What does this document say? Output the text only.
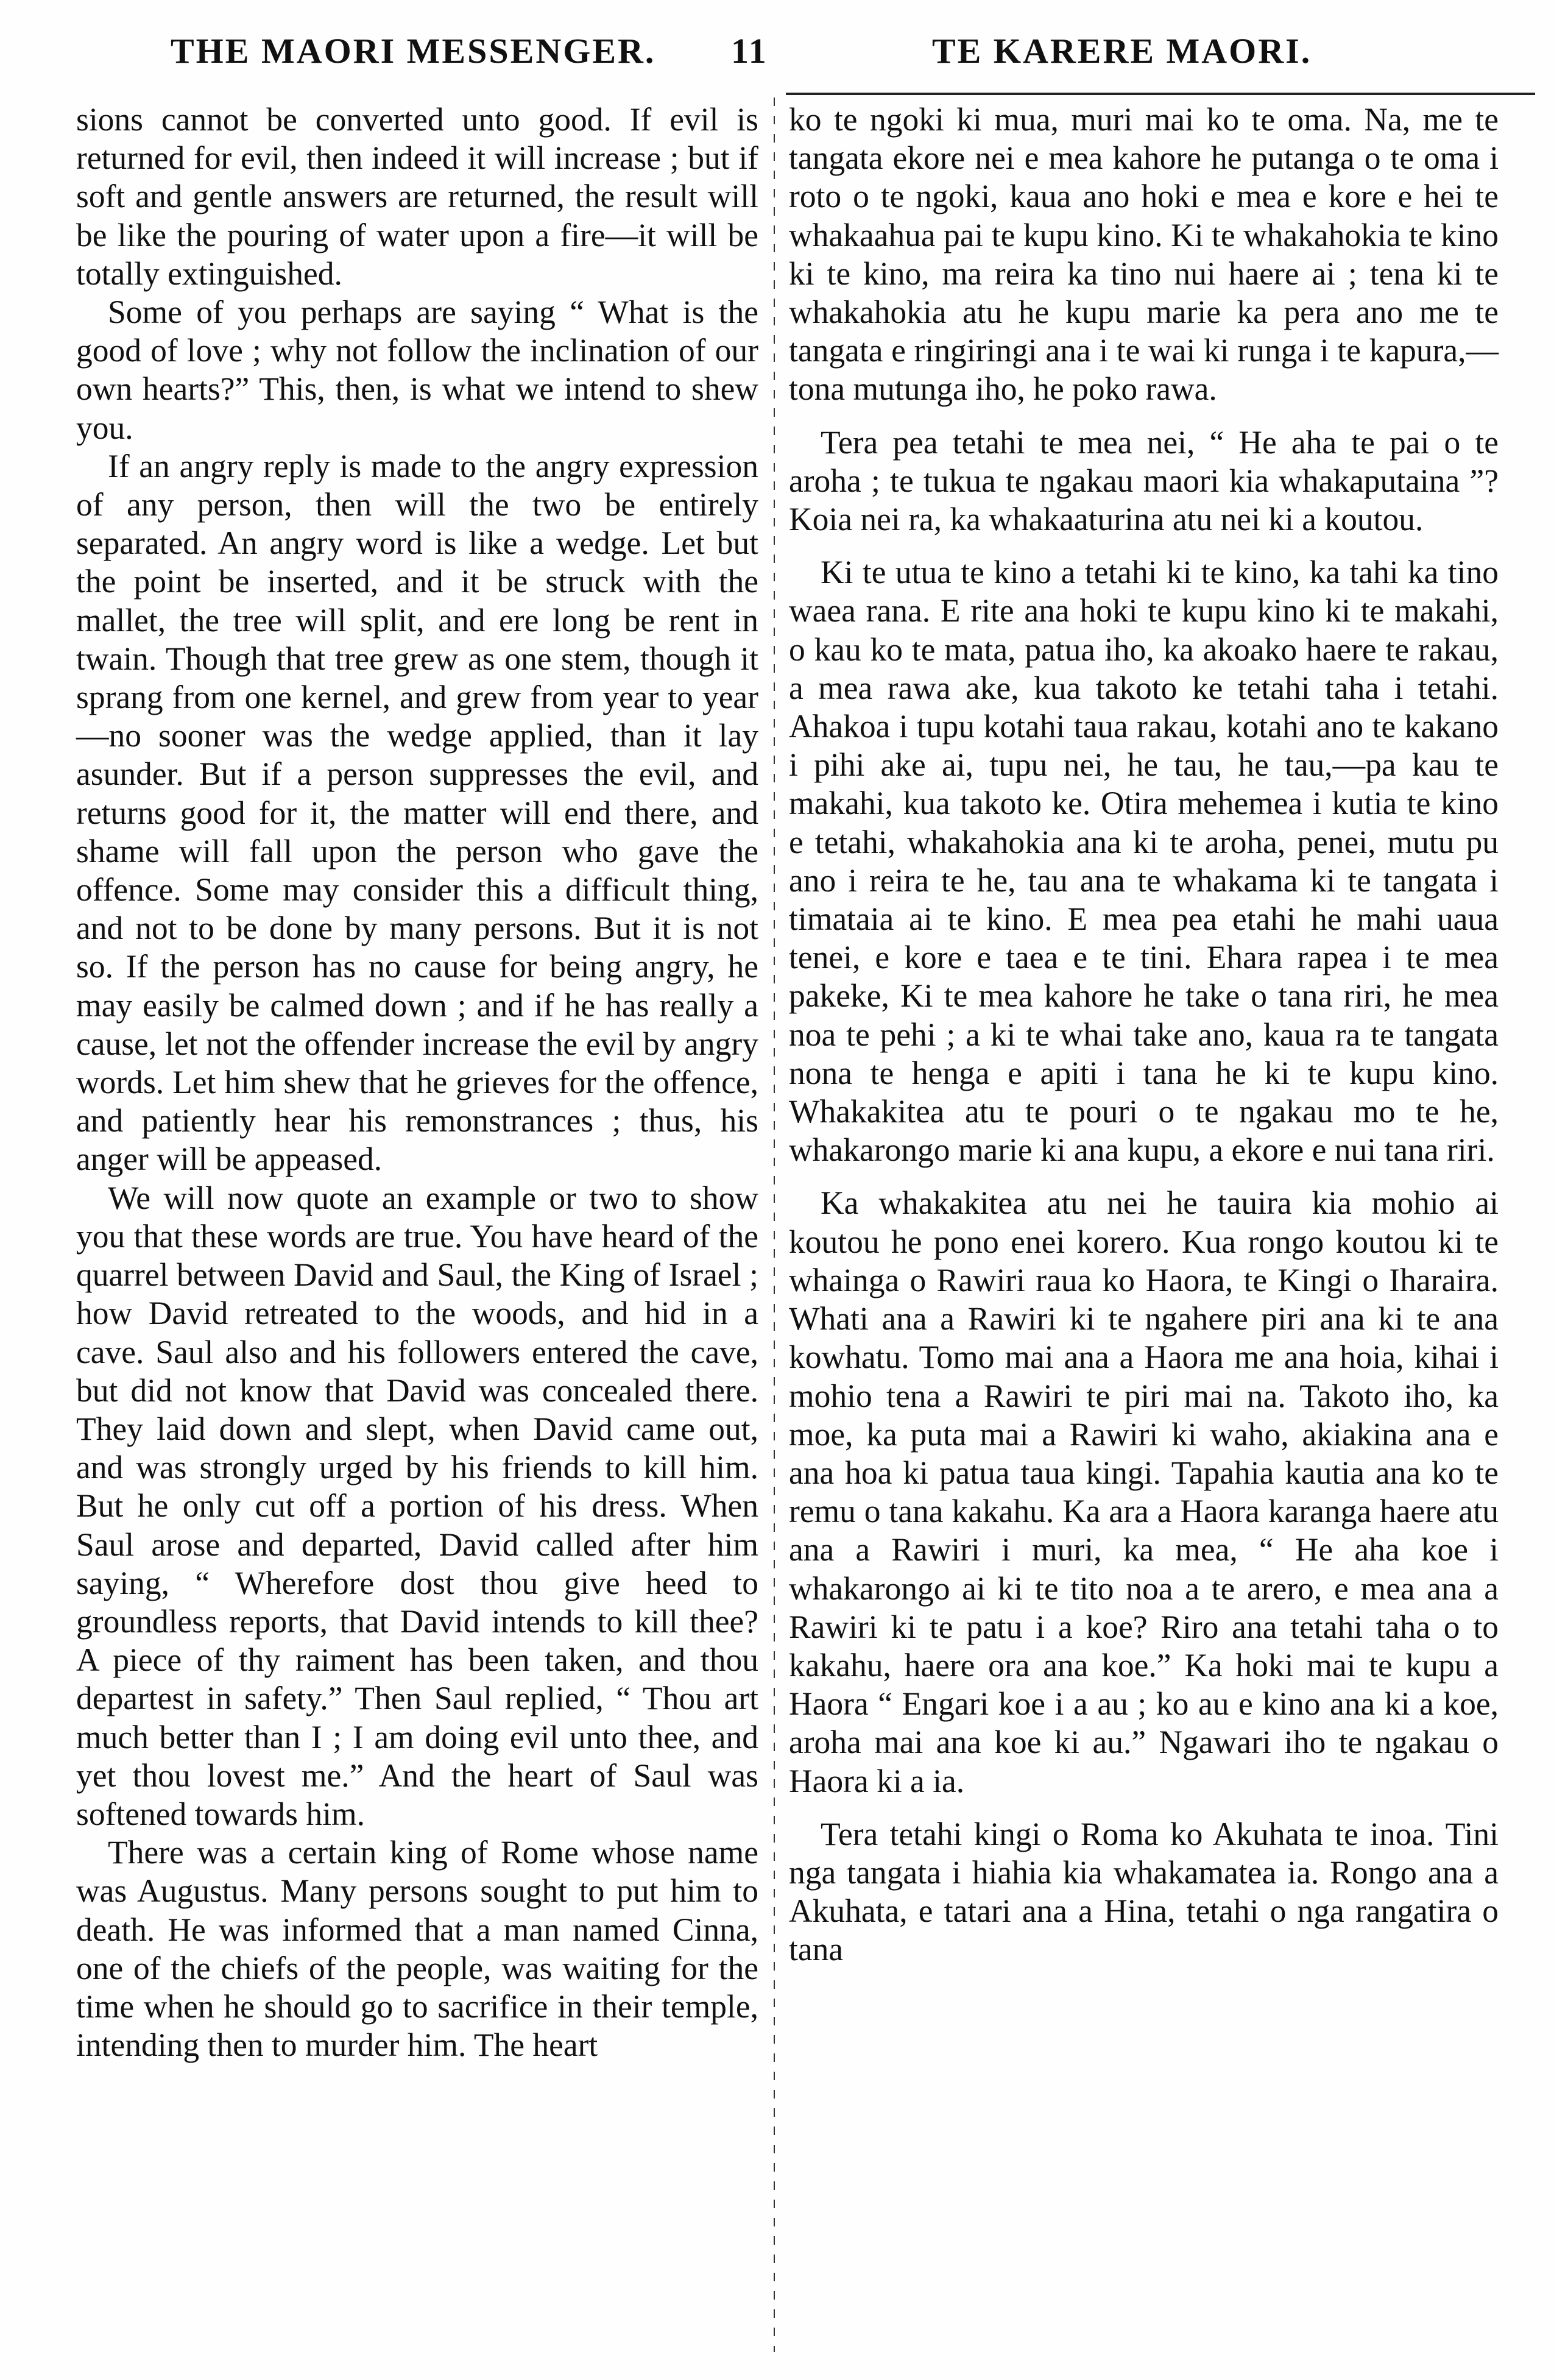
THE MAORI MESSENGER. 11	TE KARERE MAORI.

sions cannot be converted unto good. If evil is returned for evil, then indeed it will increase ; but if soft and gentle answers are returned, the result will be like the pouring of water upon a fire—it will be totally extinguished.

Some of you perhaps are saying “ What is the good of love ; why not follow the inclination of our own hearts?” This, then, is what we intend to shew you.

If an angry reply is made to the angry expression of any person, then will the two be entirely separated. An angry word is like a wedge. Let but the point be inserted, and it be struck with the mallet, the tree will split, and ere long be rent in twain. Though that tree grew as one stem, though it sprang from one kernel, and grew from year to year—no sooner was the wedge applied, than it lay asunder. But if a person suppresses the evil, and returns good for it, the matter will end there, and shame will fall upon the person who gave the offence. Some may consider this a difficult thing, and not to be done by many persons. But it is not so. If the person has no cause for being angry, he may easily be calmed down ; and if he has really a cause, let not the offender increase the evil by angry words. Let him shew that he grieves for the offence, and patiently hear his remonstrances ; thus, his anger will be appeased.

We will now quote an example or two to show you that these words are true. You have heard of the quarrel between David and Saul, the King of Israel ; how David retreated to the woods, and hid in a cave. Saul also and his followers entered the cave, but did not know that David was concealed there. They laid down and slept, when David came out, and was strongly urged by his friends to kill him. But he only cut off a portion of his dress. When Saul arose and departed, David called after him saying, “ Wherefore dost thou give heed to groundless reports, that David intends to kill thee? A piece of thy raiment has been taken, and thou departest in safety.” Then Saul replied, “ Thou art much better than I ; I am doing evil unto thee, and yet thou lovest me.” And the heart of Saul was softened towards him.

There was a certain king of Rome whose name was Augustus. Many persons sought to put him to death. He was informed that a man named Cinna, one of the chiefs of the people, was waiting for the time when he should go to sacrifice in their temple, intending then to murder him. The heart

ko te ngoki ki mua, muri mai ko te oma. Na, me te tangata ekore nei e mea kahore he putanga o te oma i roto o te ngoki, kaua ano hoki e mea e kore e hei te whakaahua pai te kupu kino. Ki te whakahokia te kino ki te kino, ma reira ka tino nui haere ai ; tena ki te whakahokia atu he kupu marie ka pera ano me te tangata e ringiringi ana i te wai ki runga i te kapura,—tona mutunga iho, he poko rawa.

Tera pea tetahi te mea nei, “ He aha te pai o te aroha ; te tukua te ngakau maori kia whakaputaina ”? Koia nei ra, ka whakaaturina atu nei ki a koutou.

Ki te utua te kino a tetahi ki te kino, ka tahi ka tino waea rana. E rite ana hoki te kupu kino ki te makahi, o kau ko te mata, patua iho, ka akoako haere te rakau, a mea rawa ake, kua takoto ke tetahi taha i tetahi. Ahakoa i tupu kotahi taua rakau, kotahi ano te kakano i pihi ake ai, tupu nei, he tau, he tau,—pa kau te makahi, kua takoto ke. Otira mehemea i kutia te kino e tetahi, whakahokia ana ki te aroha, penei, mutu pu ano i reira te he, tau ana te whakama ki te tangata i timataia ai te kino. E mea pea etahi he mahi uaua tenei, e kore e taea e te tini. Ehara rapea i te mea pakeke, Ki te mea kahore he take o tana riri, he mea noa te pehi ; a ki te whai take ano, kaua ra te tangata nona te henga e apiti i tana he ki te kupu kino. Whakakitea atu te pouri o te ngakau mo te he, whakarongo marie ki ana kupu, a ekore e nui tana riri.

Ka whakakitea atu nei he tauira kia mohio ai koutou he pono enei korero. Kua rongo koutou ki te whainga o Rawiri raua ko Haora, te Kingi o Iharaira. Whati ana a Rawiri ki te ngahere piri ana ki te ana kowhatu. Tomo mai ana a Haora me ana hoia, kihai i mohio tena a Rawiri te piri mai na. Takoto iho, ka moe, ka puta mai a Rawiri ki waho, akiakina ana e ana hoa ki patua taua kingi. Tapahia kautia ana ko te remu o tana kakahu. Ka ara a Haora karanga haere atu ana a Rawiri i muri, ka mea, “ He aha koe i whakarongo ai ki te tito noa a te arero, e mea ana a Rawiri ki te patu i a koe? Riro ana tetahi taha o to kakahu, haere ora ana koe.” Ka hoki mai te kupu a Haora “ Engari koe i a au ; ko au e kino ana ki a koe, aroha mai ana koe ki au.” Ngawari iho te ngakau o Haora ki a ia.

Tera tetahi kingi o Roma ko Akuhata te inoa. Tini nga tangata i hiahia kia whakamatea ia. Rongo ana a Akuhata, e tatari ana a Hina, tetahi o nga rangatira o tana
